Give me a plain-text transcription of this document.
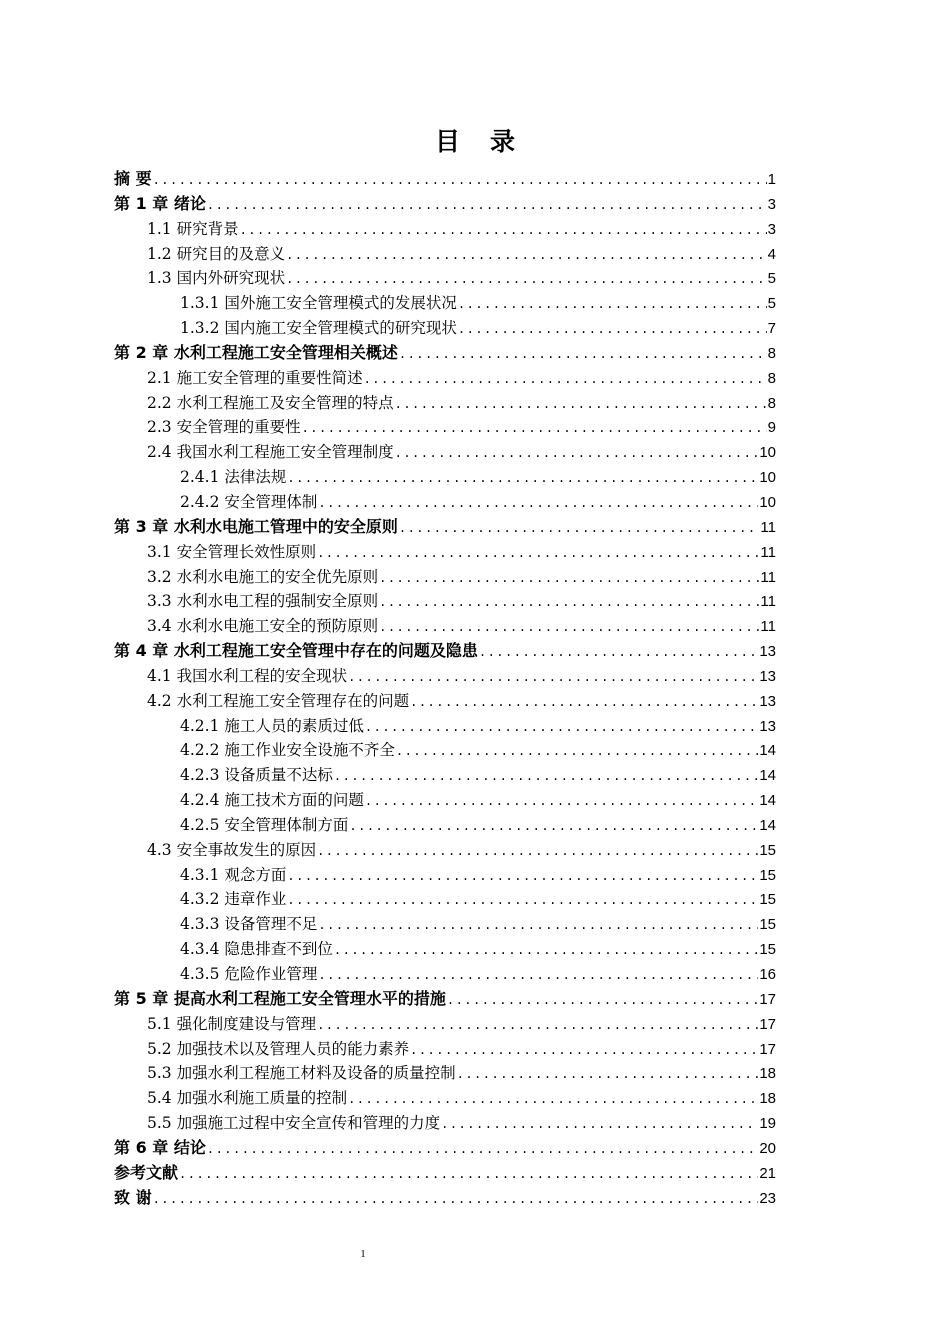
目录
摘 要 .....	1
第 1 章 绪论 .....	3
1.1 研究背景 .....	3
1.2 研究目的及意义 .....	4
1.3 国内外研究现状 .....	5
1.3.1 国外施工安全管理模式的发展状况 .....	5
1.3.2 国内施工安全管理模式的研究现状 .....	7
第 2 章 水利工程施工安全管理相关概述 .....	8
2.1 施工安全管理的重要性简述 .....	8
2.2 水利工程施工及安全管理的特点 .....	8
2.3 安全管理的重要性 .....	9
2.4 我国水利工程施工安全管理制度 .....	10
2.4.1 法律法规 .....	10
2.4.2 安全管理体制 .....	10
第 3 章 水利水电施工管理中的安全原则 .....	11
3.1 安全管理长效性原则 .....	11
3.2 水利水电施工的安全优先原则 .....	11
3.3 水利水电工程的强制安全原则 .....	11
3.4 水利水电施工安全的预防原则 .....	11
第 4 章 水利工程施工安全管理中存在的问题及隐患 .....	13
4.1 我国水利工程的安全现状 .....	13
4.2 水利工程施工安全管理存在的问题 .....	13
4.2.1 施工人员的素质过低 .....	13
4.2.2 施工作业安全设施不齐全 .....	14
4.2.3 设备质量不达标 .....	14
4.2.4 施工技术方面的问题 .....	14
4.2.5 安全管理体制方面 .....	14
4.3 安全事故发生的原因 .....	15
4.3.1 观念方面 .....	15
4.3.2 违章作业 .....	15
4.3.3 设备管理不足 .....	15
4.3.4 隐患排查不到位 .....	15
4.3.5 危险作业管理 .....	16
第 5 章 提高水利工程施工安全管理水平的措施 .....	17
5.1 强化制度建设与管理 .....	17
5.2 加强技术以及管理人员的能力素养 .....	17
5.3 加强水利工程施工材料及设备的质量控制 .....	18
5.4 加强水利施工质量的控制 .....	18
5.5 加强施工过程中安全宣传和管理的力度 .....	19
第 6 章 结论 .....	20
参考文献 .....	21
致 谢 .....	23
1
